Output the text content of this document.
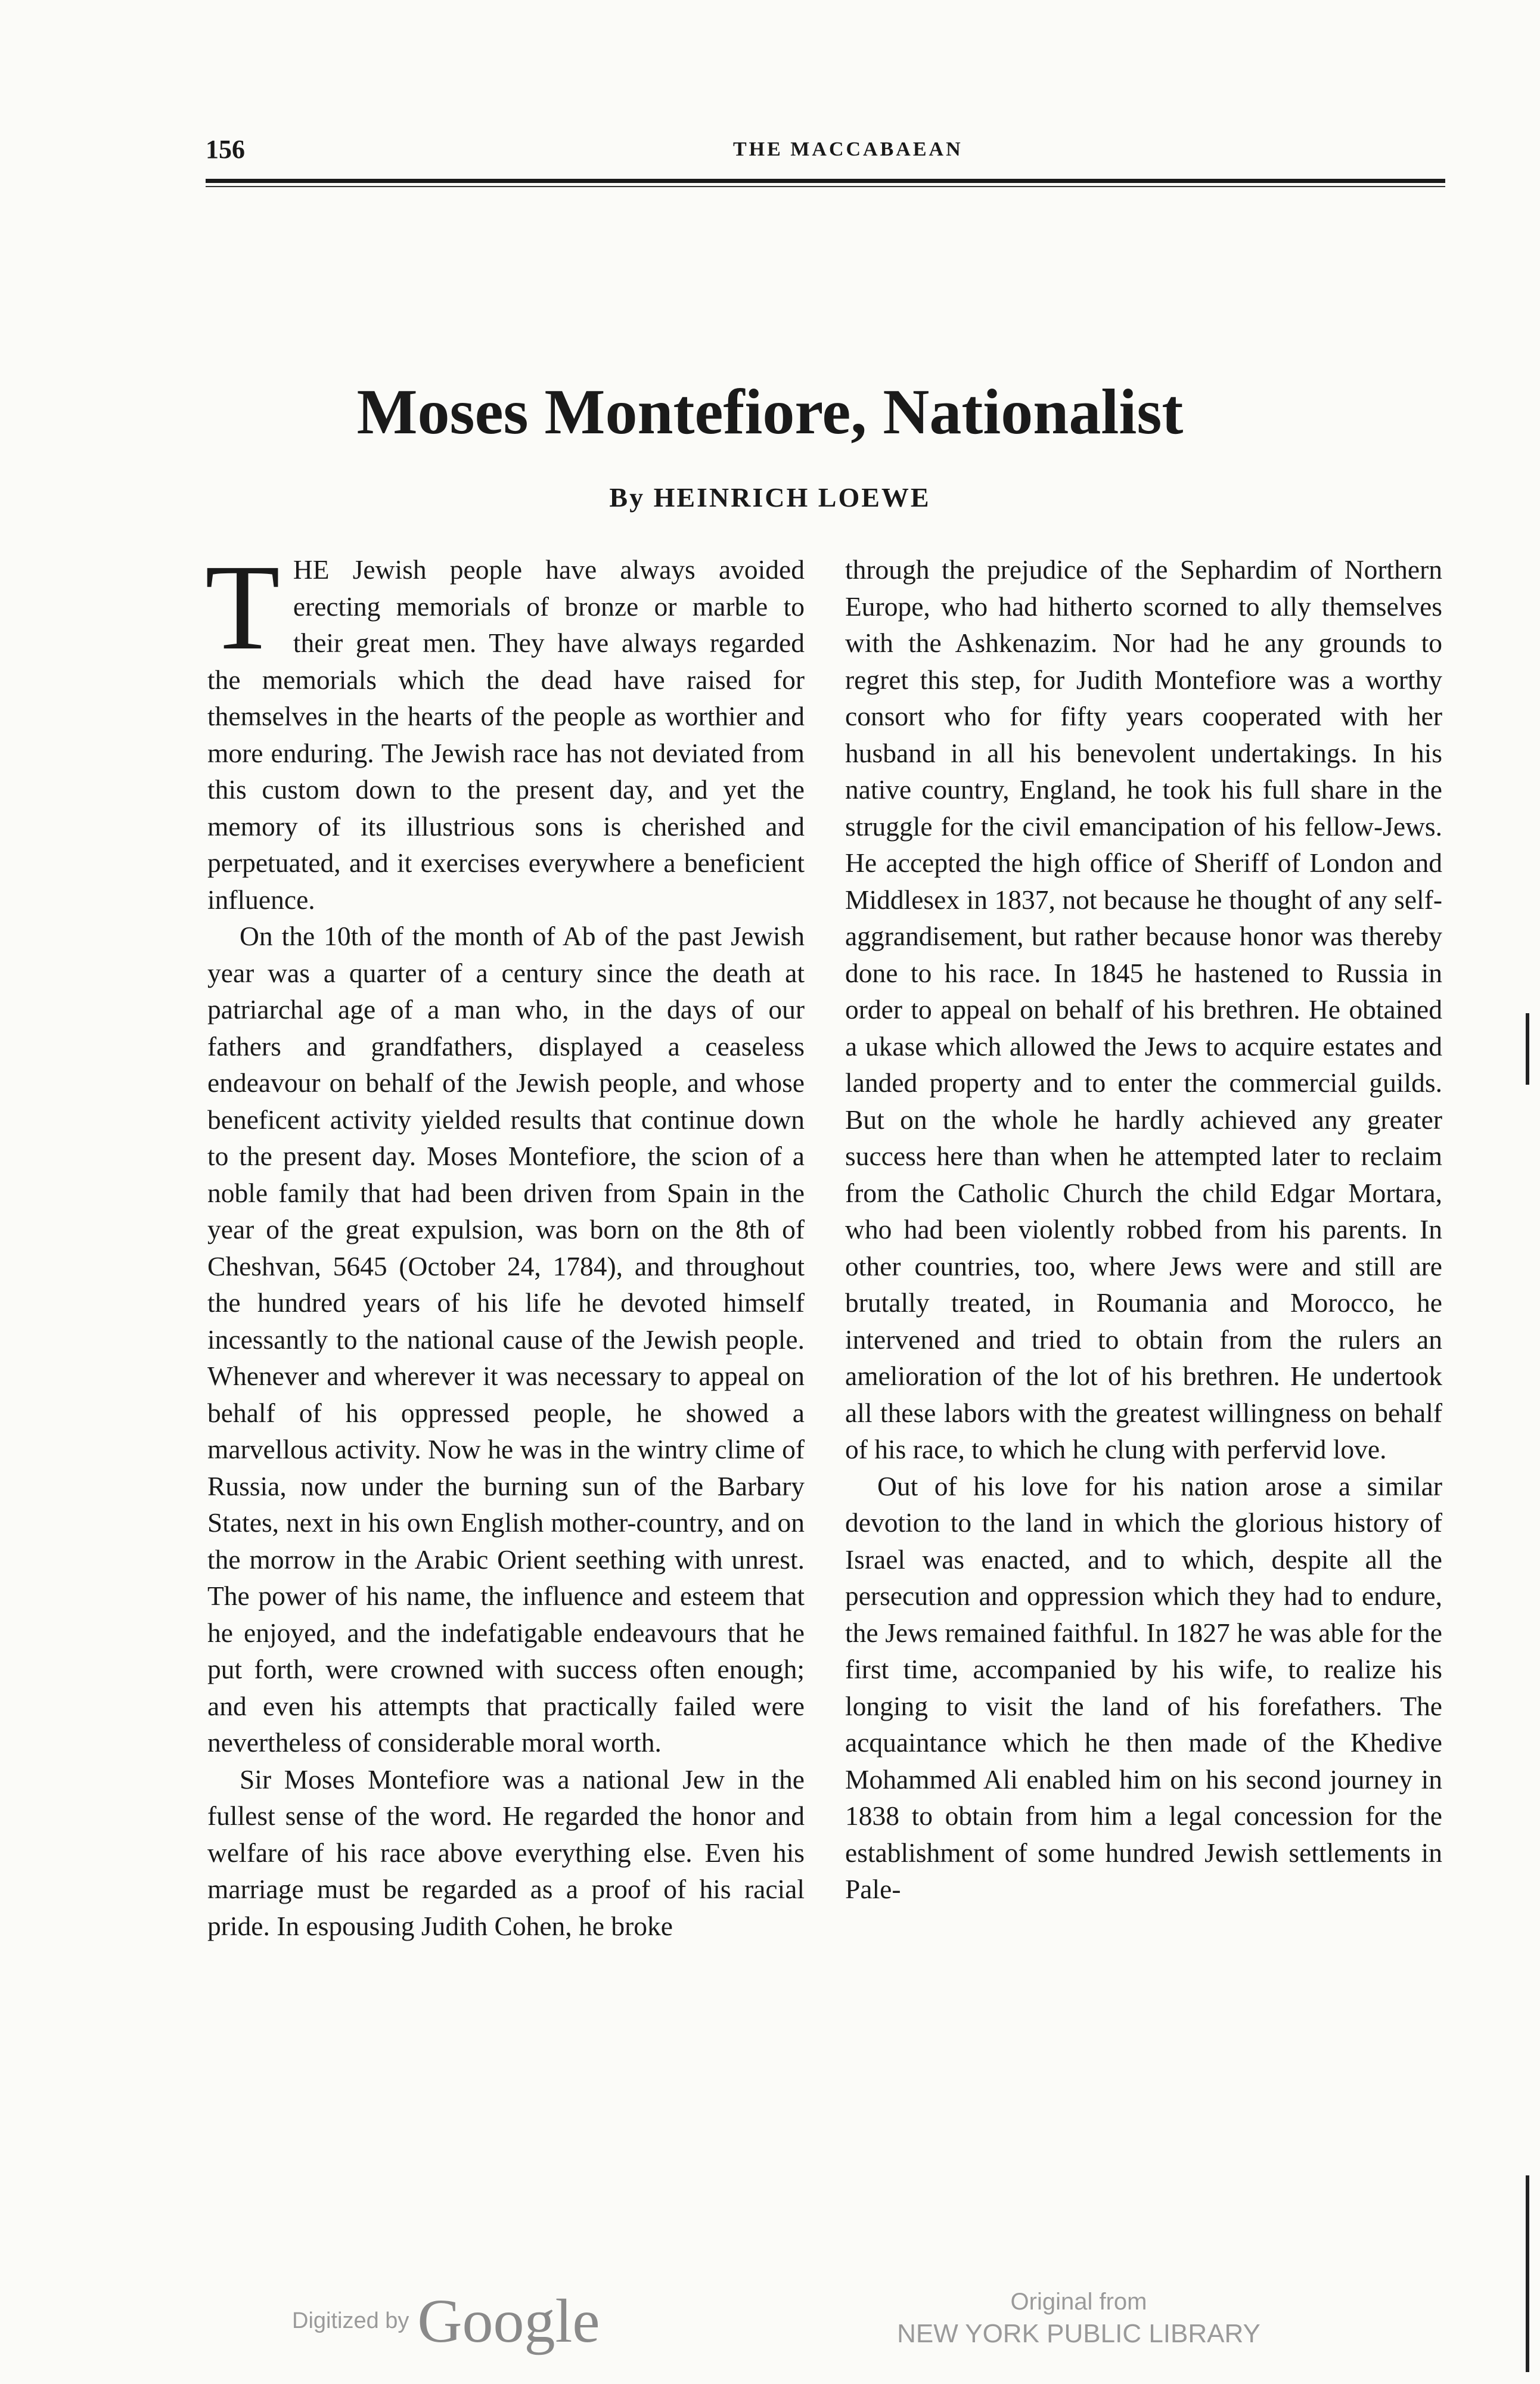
156	THE MACCABAEAN
Moses Montefiore, Nationalist
By HEINRICH LOEWE

THE Jewish people have always avoided erecting memorials of bronze or marble to their great men. They have always regarded the memorials which the dead have raised for themselves in the hearts of the people as worthier and more enduring. The Jewish race has not deviated from this custom down to the present day, and yet the memory of its illustrious sons is cherished and perpetuated, and it exercises everywhere a beneficient influence.

On the 10th of the month of Ab of the past Jewish year was a quarter of a century since the death at patriarchal age of a man who, in the days of our fathers and grandfathers, displayed a ceaseless endeavour on behalf of the Jewish people, and whose beneficent activity yielded results that continue down to the present day. Moses Montefiore, the scion of a noble family that had been driven from Spain in the year of the great expulsion, was born on the 8th of Cheshvan, 5645 (October 24, 1784), and throughout the hundred years of his life he devoted himself incessantly to the national cause of the Jewish people. Whenever and wherever it was necessary to appeal on behalf of his oppressed people, he showed a marvellous activity. Now he was in the wintry clime of Russia, now under the burning sun of the Barbary States, next in his own English mother-country, and on the morrow in the Arabic Orient seething with unrest. The power of his name, the influence and esteem that he enjoyed, and the indefatigable endeavours that he put forth, were crowned with success often enough; and even his attempts that practically failed were nevertheless of considerable moral worth.

Sir Moses Montefiore was a national Jew in the fullest sense of the word. He regarded the honor and welfare of his race above everything else. Even his marriage must be regarded as a proof of his racial pride. In espousing Judith Cohen, he broke

through the prejudice of the Sephardim of Northern Europe, who had hitherto scorned to ally themselves with the Ashkenazim. Nor had he any grounds to regret this step, for Judith Montefiore was a worthy consort who for fifty years cooperated with her husband in all his benevolent undertakings. In his native country, England, he took his full share in the struggle for the civil emancipation of his fellow-Jews. He accepted the high office of Sheriff of London and Middlesex in 1837, not because he thought of any self-aggrandisement, but rather because honor was thereby done to his race. In 1845 he hastened to Russia in order to appeal on behalf of his brethren. He obtained a ukase which allowed the Jews to acquire estates and landed property and to enter the commercial guilds. But on the whole he hardly achieved any greater success here than when he attempted later to reclaim from the Catholic Church the child Edgar Mortara, who had been violently robbed from his parents. In other countries, too, where Jews were and still are brutally treated, in Roumania and Morocco, he intervened and tried to obtain from the rulers an amelioration of the lot of his brethren. He undertook all these labors with the greatest willingness on behalf of his race, to which he clung with perfervid love.

Out of his love for his nation arose a similar devotion to the land in which the glorious history of Israel was enacted, and to which, despite all the persecution and oppression which they had to endure, the Jews remained faithful. In 1827 he was able for the first time, accompanied by his wife, to realize his longing to visit the land of his forefathers. The acquaintance which he then made of the Khedive Mohammed Ali enabled him on his second journey in 1838 to obtain from him a legal concession for the establishment of some hundred Jewish settlements in Pale-

Digitized by Google	Original from
NEW YORK PUBLIC LIBRARY
